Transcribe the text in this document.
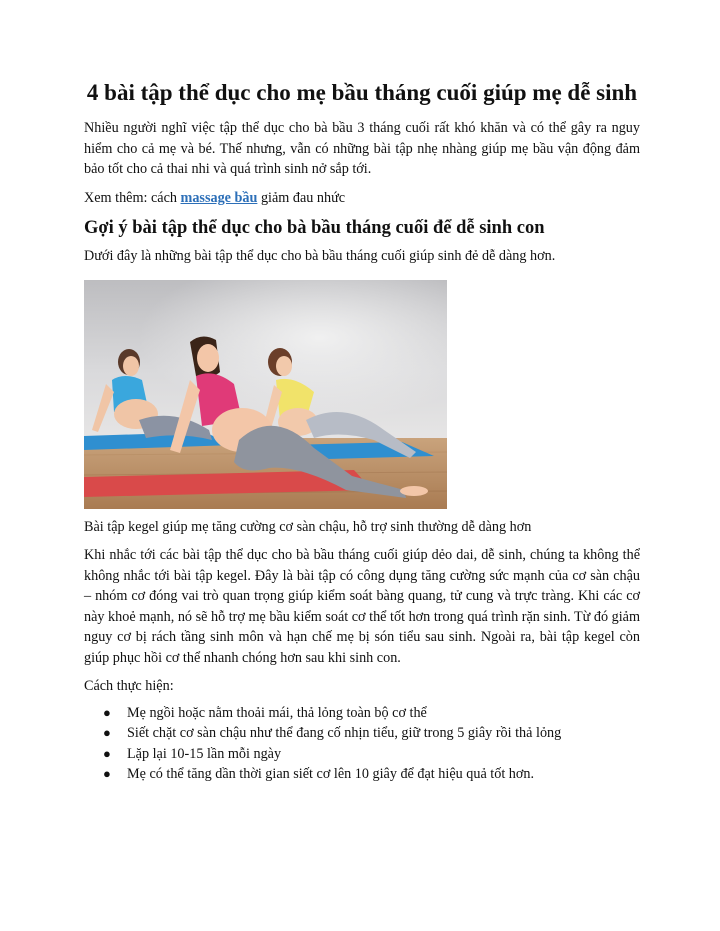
4 bài tập thể dục cho mẹ bầu tháng cuối giúp mẹ dễ sinh

Nhiều người nghĩ việc tập thể dục cho bà bầu 3 tháng cuối rất khó khăn và có thể gây ra nguy hiểm cho cả mẹ và bé. Thế nhưng, vẫn có những bài tập nhẹ nhàng giúp mẹ bầu vận động đảm bảo tốt cho cả thai nhi và quá trình sinh nở sắp tới.

Xem thêm: cách massage bầu giảm đau nhức

Gợi ý bài tập thể dục cho bà bầu tháng cuối để dễ sinh con

Dưới đây là những bài tập thể dục cho bà bầu tháng cuối giúp sinh đẻ dễ dàng hơn.

Bài tập kegel giúp mẹ tăng cường cơ sàn chậu, hỗ trợ sinh thường dễ dàng hơn

Khi nhắc tới các bài tập thể dục cho bà bầu tháng cuối giúp dẻo dai, dễ sinh, chúng ta không thể không nhắc tới bài tập kegel. Đây là bài tập có công dụng tăng cường sức mạnh của cơ sàn chậu – nhóm cơ đóng vai trò quan trọng giúp kiểm soát bàng quang, tử cung và trực tràng. Khi các cơ này khoẻ mạnh, nó sẽ hỗ trợ mẹ bầu kiểm soát cơ thể tốt hơn trong quá trình rặn sinh. Từ đó giảm nguy cơ bị rách tầng sinh môn và hạn chế mẹ bị són tiểu sau sinh. Ngoài ra, bài tập kegel còn giúp phục hồi cơ thể nhanh chóng hơn sau khi sinh con.

Cách thực hiện:

● Mẹ ngồi hoặc nằm thoải mái, thả lỏng toàn bộ cơ thể
● Siết chặt cơ sàn chậu như thể đang cố nhịn tiểu, giữ trong 5 giây rồi thả lỏng
● Lặp lại 10-15 lần mỗi ngày
● Mẹ có thể tăng dần thời gian siết cơ lên 10 giây để đạt hiệu quả tốt hơn.
